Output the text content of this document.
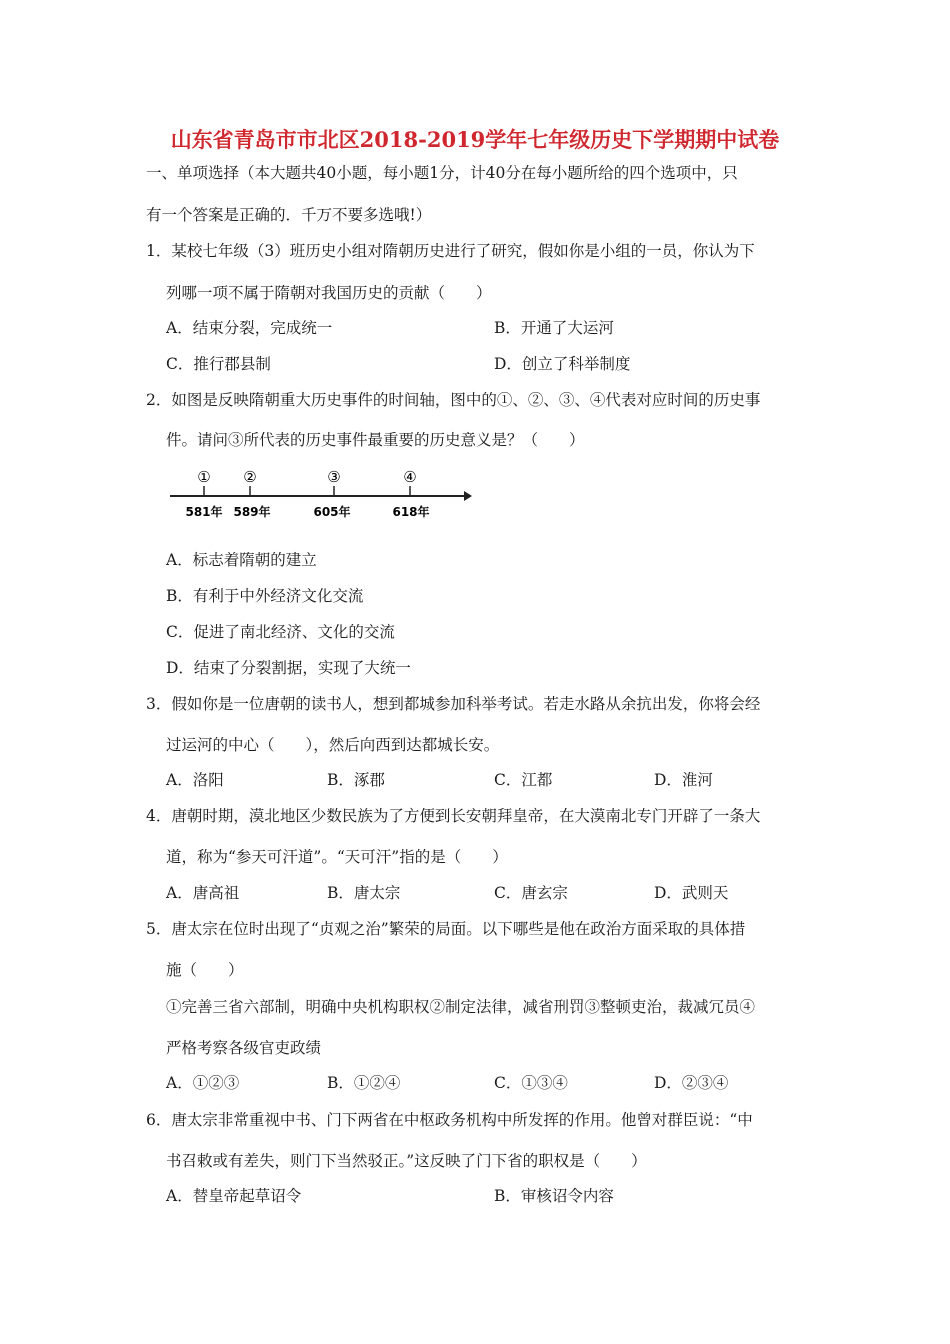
山东省青岛市市北区2018-2019学年七年级历史下学期期中试卷
一、单项选择（本大题共40小题，每小题1分，计40分在每小题所给的四个选项中，只
有一个答案是正确的．千万不要多选哦!）
1．某校七年级（3）班历史小组对隋朝历史进行了研究，假如你是小组的一员，你认为下
列哪一项不属于隋朝对我国历史的贡献（　　）
A．结束分裂，完成统一	B．开通了大运河
C．推行郡县制	D．创立了科举制度
2．如图是反映隋朝重大历史事件的时间轴，图中的①、②、③、④代表对应时间的历史事
件。请问③所代表的历史事件最重要的历史意义是？（　　）
① ②	③	④
581年 589年	605年	618年
A．标志着隋朝的建立
B．有利于中外经济文化交流
C．促进了南北经济、文化的交流
D．结束了分裂割据，实现了大统一
3．假如你是一位唐朝的读书人，想到都城参加科举考试。若走水路从余抗出发，你将会经
过运河的中心（　　），然后向西到达都城长安。
A．洛阳	B．涿郡	C．江都	D．淮河
4．唐朝时期，漠北地区少数民族为了方便到长安朝拜皇帝，在大漠南北专门开辟了一条大
道，称为“参天可汗道”。“天可汗”指的是（　　）
A．唐高祖	B．唐太宗	C．唐玄宗	D．武则天
5．唐太宗在位时出现了“贞观之治”繁荣的局面。以下哪些是他在政治方面采取的具体措
施（　　）
①完善三省六部制，明确中央机构职权②制定法律，减省刑罚③整顿吏治，裁减冗员④
严格考察各级官吏政绩
A．①②③	B．①②④	C．①③④	D．②③④
6．唐太宗非常重视中书、门下两省在中枢政务机构中所发挥的作用。他曾对群臣说：“中
书召敕或有差失，则门下当然驳正。”这反映了门下省的职权是（　　）
A．替皇帝起草诏令	B．审核诏令内容
